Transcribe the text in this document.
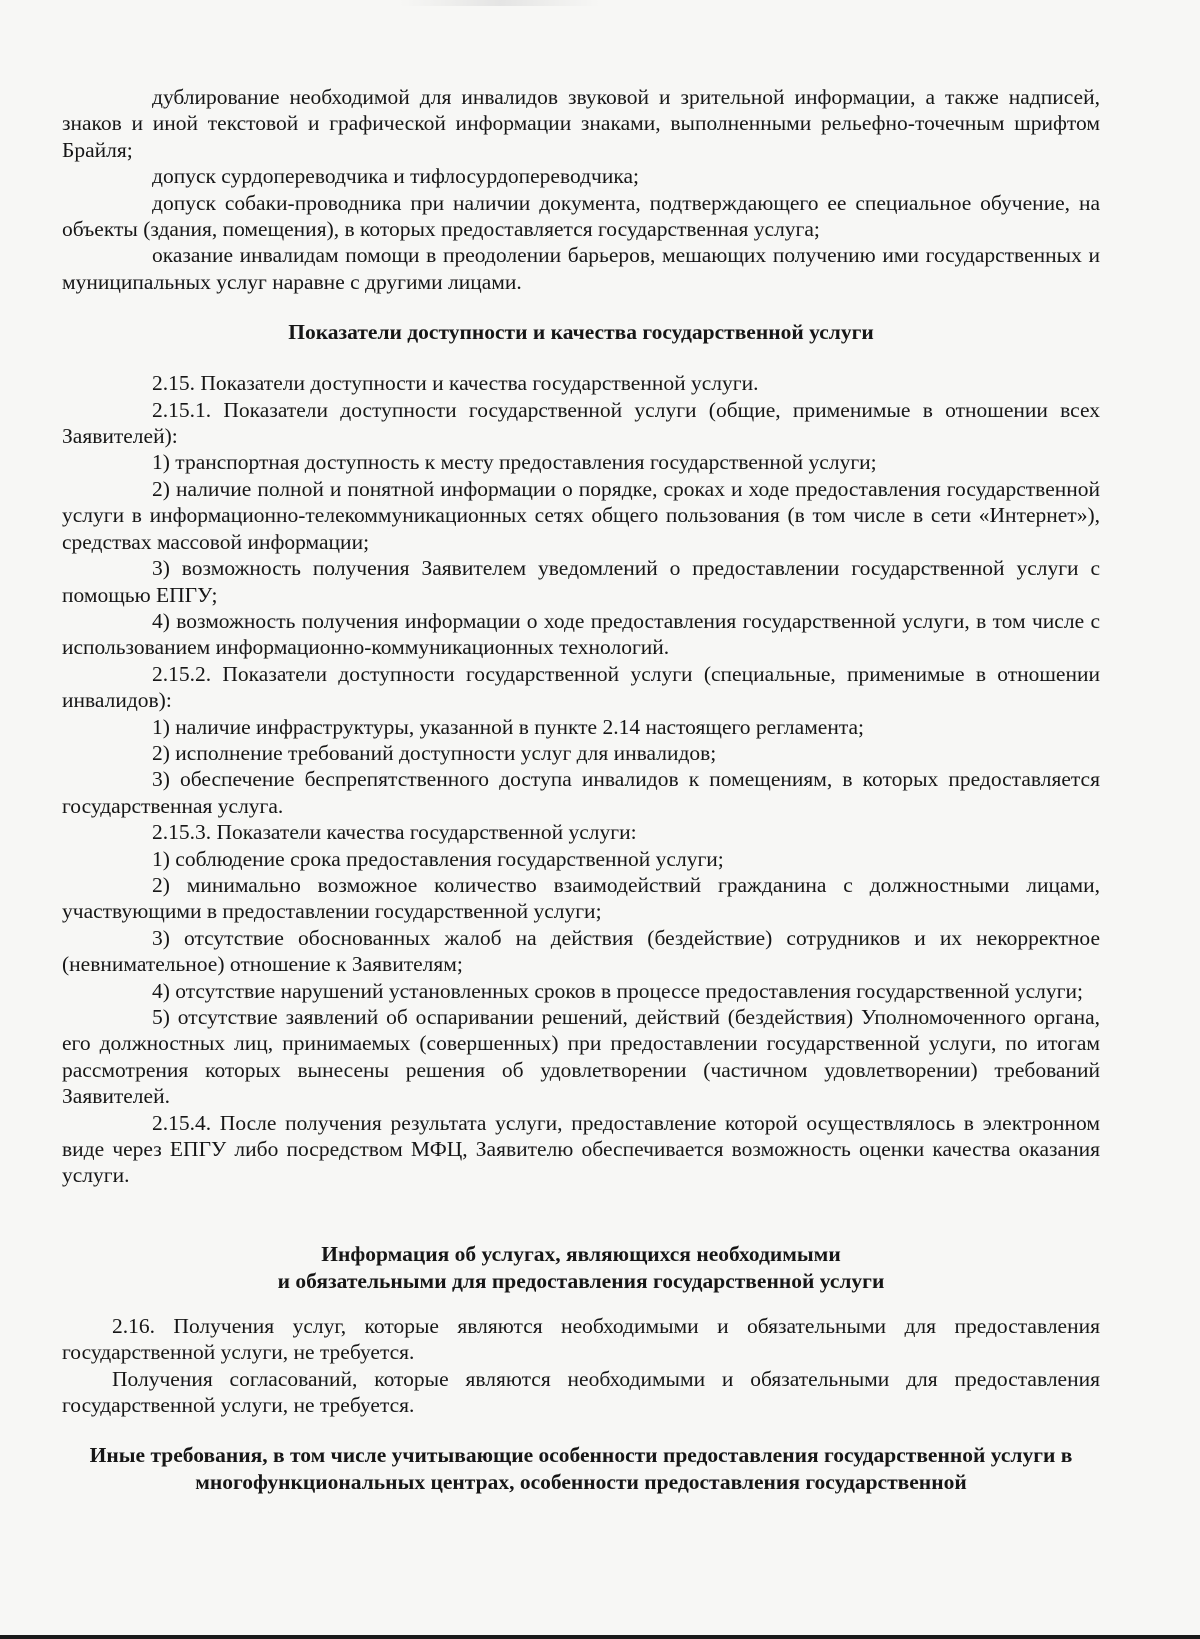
дублирование необходимой для инвалидов звуковой и зрительной информации, а также надписей, знаков и иной текстовой и графической информации знаками, выполненными рельефно-точечным шрифтом Брайля;

допуск сурдопереводчика и тифлосурдопереводчика;

допуск собаки-проводника при наличии документа, подтверждающего ее специальное обучение, на объекты (здания, помещения), в которых предоставляется государственная услуга;

оказание инвалидам помощи в преодолении барьеров, мешающих получению ими государственных и муниципальных услуг наравне с другими лицами.

Показатели доступности и качества государственной услуги

2.15. Показатели доступности и качества государственной услуги.

2.15.1. Показатели доступности государственной услуги (общие, применимые в отношении всех Заявителей):

1) транспортная доступность к месту предоставления государственной услуги;

2) наличие полной и понятной информации о порядке, сроках и ходе предоставления государственной услуги в информационно-телекоммуникационных сетях общего пользования (в том числе в сети «Интернет»), средствах массовой информации;

3) возможность получения Заявителем уведомлений о предоставлении государственной услуги с помощью ЕПГУ;

4) возможность получения информации о ходе предоставления государственной услуги, в том числе с использованием информационно-коммуникационных технологий.

2.15.2. Показатели доступности государственной услуги (специальные, применимые в отношении инвалидов):

1) наличие инфраструктуры, указанной в пункте 2.14 настоящего регламента;

2) исполнение требований доступности услуг для инвалидов;

3) обеспечение беспрепятственного доступа инвалидов к помещениям, в которых предоставляется государственная услуга.

2.15.3. Показатели качества государственной услуги:

1) соблюдение срока предоставления государственной услуги;

2) минимально возможное количество взаимодействий гражданина с должностными лицами, участвующими в предоставлении государственной услуги;

3) отсутствие обоснованных жалоб на действия (бездействие) сотрудников и их некорректное (невнимательное) отношение к Заявителям;

4) отсутствие нарушений установленных сроков в процессе предоставления государственной услуги;

5) отсутствие заявлений об оспаривании решений, действий (бездействия) Уполномоченного органа, его должностных лиц, принимаемых (совершенных) при предоставлении государственной услуги, по итогам рассмотрения которых вынесены решения об удовлетворении (частичном удовлетворении) требований Заявителей.

2.15.4. После получения результата услуги, предоставление которой осуществлялось в электронном виде через ЕПГУ либо посредством МФЦ, Заявителю обеспечивается возможность оценки качества оказания услуги.

Информация об услугах, являющихся необходимыми
и обязательными для предоставления государственной услуги

2.16. Получения услуг, которые являются необходимыми и обязательными для предоставления государственной услуги, не требуется.

Получения согласований, которые являются необходимыми и обязательными для предоставления государственной услуги, не требуется.

Иные требования, в том числе учитывающие особенности предоставления государственной услуги в многофункциональных центрах, особенности предоставления государственной
